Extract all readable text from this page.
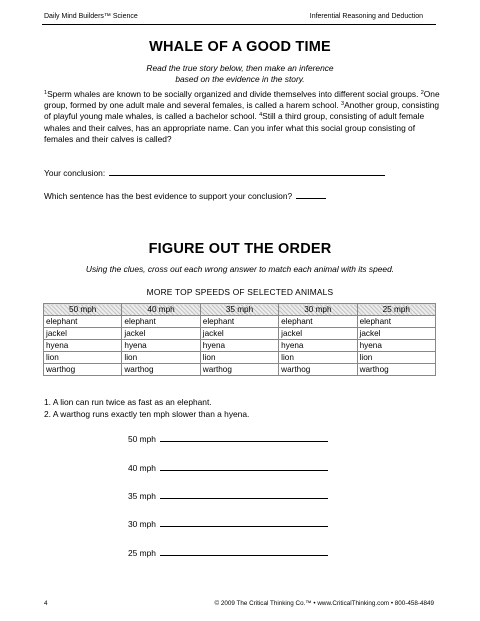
Daily Mind Builders™ Science	Inferential Reasoning and Deduction
WHALE OF A GOOD TIME
Read the true story below, then make an inference
based on the evidence in the story.
$^1$Sperm whales are known to be socially organized and divide themselves into different social groups. $^2$One group, formed by one adult male and several females, is called a harem school. $^3$Another group, consisting of playful young male whales, is called a bachelor school. $^4$Still a third group, consisting of adult female whales and their calves, has an appropriate name. Can you infer what this social group consisting of females and their calves is called?
Your conclusion:
Which sentence has the best evidence to support your conclusion?
FIGURE OUT THE ORDER
Using the clues, cross out each wrong answer to match each animal with its speed.
MORE TOP SPEEDS OF SELECTED ANIMALS
50 mph	40 mph	35 mph	30 mph	25 mph
elephant	elephant	elephant	elephant	elephant
jackel	jackel	jackel	jackel	jackel
hyena	hyena	hyena	hyena	hyena
lion	lion	lion	lion	lion
warthog	warthog	warthog	warthog	warthog
1. A lion can run twice as fast as an elephant.
2. A warthog runs exactly ten mph slower than a hyena.
50 mph
40 mph
35 mph
30 mph
25 mph
4	© 2009 The Critical Thinking Co.™ • www.CriticalThinking.com • 800-458-4849
